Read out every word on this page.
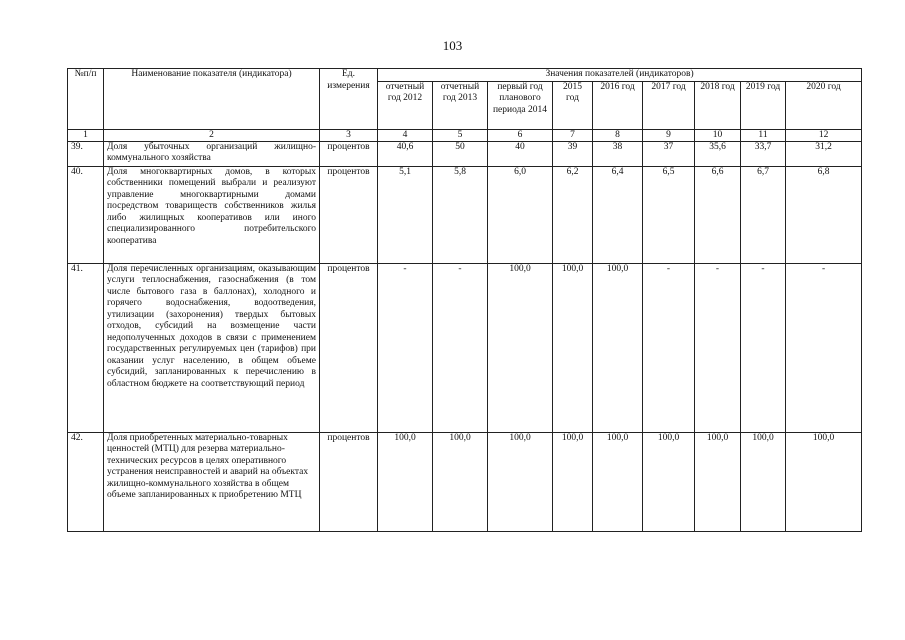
103
№п/п	Наименование показателя (индикатора)	Ед. измерения	Значения показателей (индикаторов)								
			отчетный год 2012	отчетный год 2013	первый год планового периода 2014	2015 год	2016 год	2017 год	2018 год	2019 год	2020 год
1	2	3	4	5	6	7	8	9	10	11	12
39.	Доля убыточных организаций жилищно-коммунального хозяйства	процентов	40,6	50	40	39	38	37	35,6	33,7	31,2
40.	Доля многоквартирных домов, в которых собственники помещений выбрали и реализуют управление многоквартирными домами посредством товариществ собственников жилья либо жилищных кооперативов или иного специализированного потребительского кооператива	процентов	5,1	5,8	6,0	6,2	6,4	6,5	6,6	6,7	6,8
41.	Доля перечисленных организациям, оказывающим услуги теплоснабжения, газоснабжения (в том числе бытового газа в баллонах), холодного и горячего водоснабжения, водоотведения, утилизации (захоронения) твердых бытовых отходов, субсидий на возмещение части недополученных доходов в связи с применением государственных регулируемых цен (тарифов) при оказании услуг населению, в общем объеме субсидий, запланированных к перечислению в областном бюджете на соответствующий период	процентов	-	-	100,0	100,0	100,0	-	-	-	-
42.	Доля приобретенных материально-товарных ценностей (МТЦ) для резерва материально-технических ресурсов в целях оперативного устранения неисправностей и аварий на объектах жилищно-коммунального хозяйства в общем объеме запланированных к приобретению МТЦ	процентов	100,0	100,0	100,0	100,0	100,0	100,0	100,0	100,0	100,0
